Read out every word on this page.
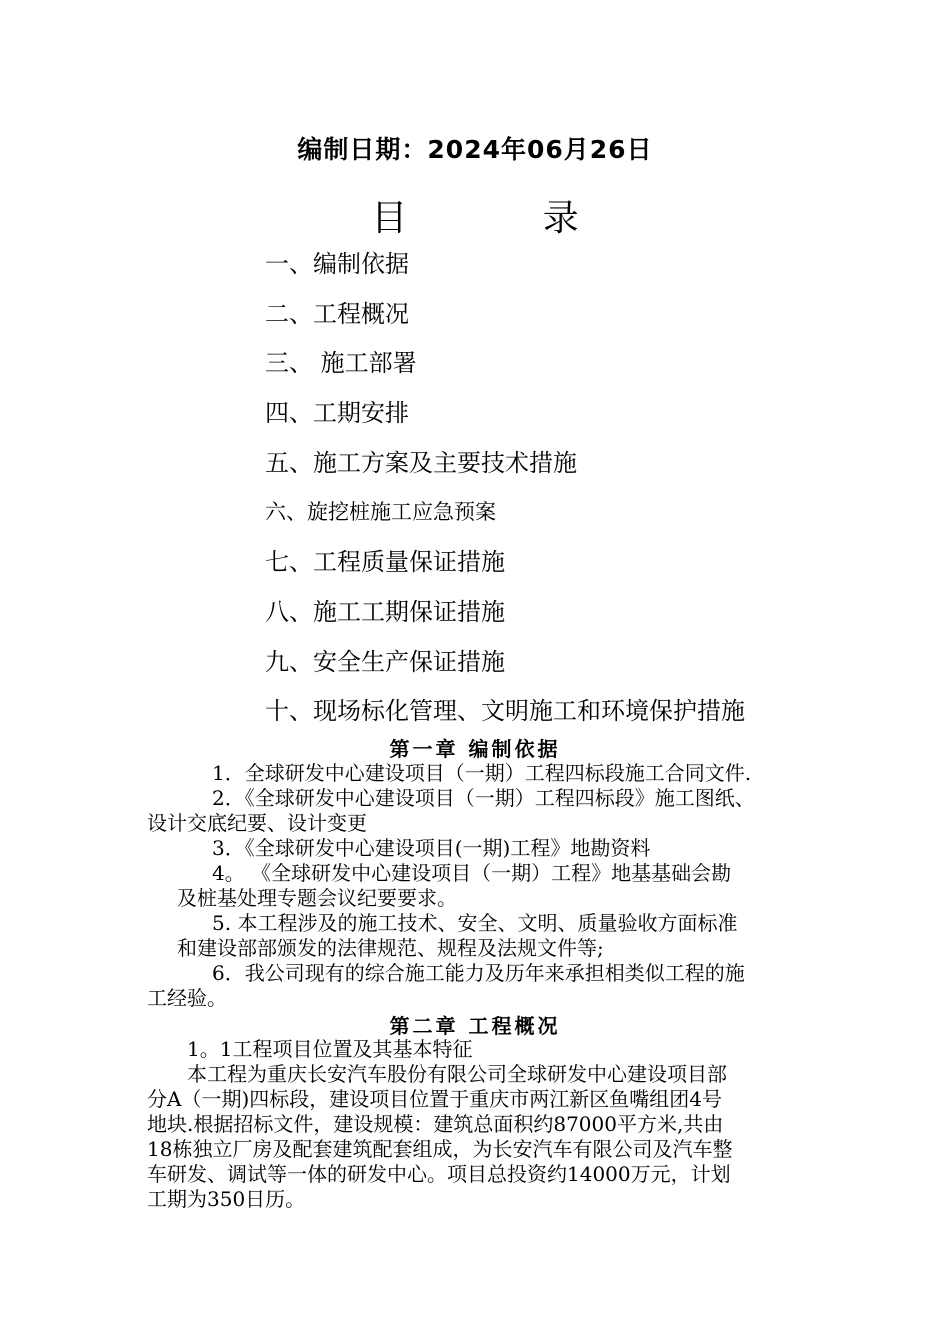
编制日期：2024年06月26日
目 录
一、编制依据
二、工程概况
三、 施工部署
四、工期安排
五、施工方案及主要技术措施
六、旋挖桩施工应急预案
七、工程质量保证措施
八、施工工期保证措施
九、安全生产保证措施
十、现场标化管理、文明施工和环境保护措施
第一章 编制依据
1．全球研发中心建设项目（一期）工程四标段施工合同文件.
2．《全球研发中心建设项目（一期）工程四标段》施工图纸、
设计交底纪要、设计变更
3．《全球研发中心建设项目(一期)工程》地勘资料
4。 《全球研发中心建设项目（一期）工程》地基基础会勘
及桩基处理专题会议纪要要求。
5. 本工程涉及的施工技术、安全、文明、质量验收方面标准
和建设部部颁发的法律规范、规程及法规文件等;
6．我公司现有的综合施工能力及历年来承担相类似工程的施
工经验。
第二章 工程概况
1。1工程项目位置及其基本特征
本工程为重庆长安汽车股份有限公司全球研发中心建设项目部
分A（一期)四标段，建设项目位置于重庆市两江新区鱼嘴组团4号
地块.根据招标文件，建设规模：建筑总面积约87000平方米,共由
18栋独立厂房及配套建筑配套组成，为长安汽车有限公司及汽车整
车研发、调试等一体的研发中心。项目总投资约14000万元，计划
工期为350日历。
